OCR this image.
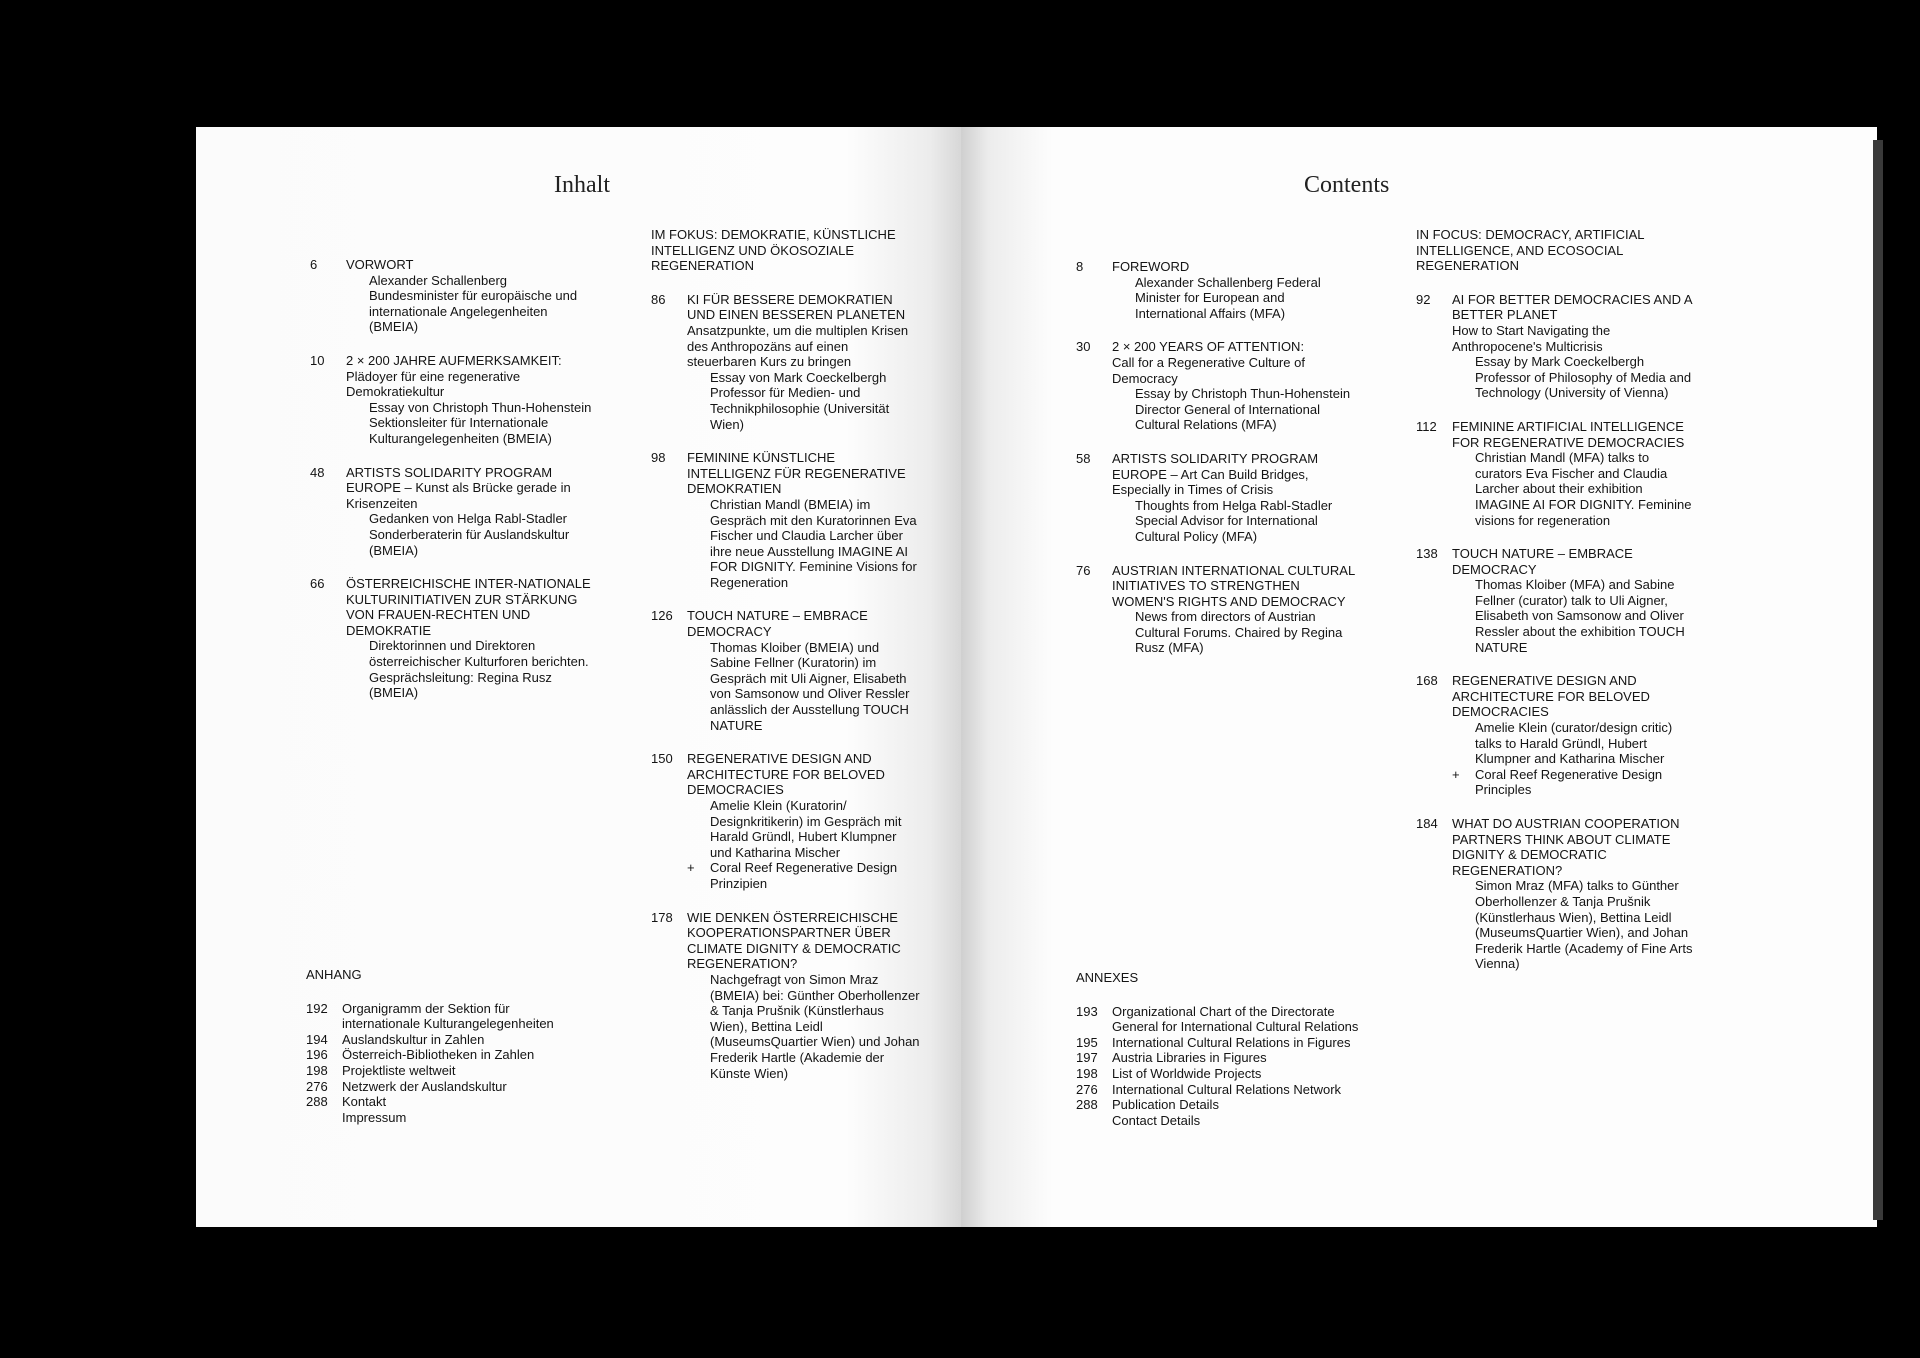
Inhalt
6	VORWORT
Alexander Schallenberg Bundesminister für europäische und internationale Angelegenheiten (BMEIA)
10	2 × 200 JAHRE AUFMERKSAMKEIT:
Plädoyer für eine regenerative Demokratiekultur
Essay von Christoph Thun-Hohenstein Sektionsleiter für Internationale Kulturangelegenheiten (BMEIA)
48	ARTISTS SOLIDARITY PROGRAM EUROPE – Kunst als Brücke gerade in Krisenzeiten
Gedanken von Helga Rabl-Stadler Sonderberaterin für Auslandskultur (BMEIA)
66	ÖSTERREICHISCHE INTER-NATIONALE KULTURINITIATIVEN ZUR STÄRKUNG VON FRAUEN-RECHTEN UND DEMOKRATIE
Direktorinnen und Direktoren österreichischer Kulturforen berichten. Gesprächsleitung: Regina Rusz (BMEIA)
IM FOKUS: DEMOKRATIE, KÜNSTLICHE INTELLIGENZ UND ÖKOSOZIALE REGENERATION
86	KI FÜR BESSERE DEMOKRATIEN UND EINEN BESSEREN PLANETEN
Ansatzpunkte, um die multiplen Krisen des Anthropozäns auf einen steuerbaren Kurs zu bringen
Essay von Mark Coeckelbergh Professor für Medien- und Technikphilosophie (Universität Wien)
98	FEMININE KÜNSTLICHE INTELLIGENZ FÜR REGENERATIVE DEMOKRATIEN
Christian Mandl (BMEIA) im Gespräch mit den Kuratorinnen Eva Fischer und Claudia Larcher über ihre neue Ausstellung IMAGINE AI FOR DIGNITY. Feminine Visions for Regeneration
126	TOUCH NATURE – EMBRACE DEMOCRACY
Thomas Kloiber (BMEIA) und Sabine Fellner (Kuratorin) im Gespräch mit Uli Aigner, Elisabeth von Samsonow und Oliver Ressler anlässlich der Ausstellung TOUCH NATURE
150	REGENERATIVE DESIGN AND ARCHITECTURE FOR BELOVED DEMOCRACIES
Amelie Klein (Kuratorin/ Designkritikerin) im Gespräch mit Harald Gründl, Hubert Klumpner und Katharina Mischer
+ Coral Reef Regenerative Design Prinzipien
178	WIE DENKEN ÖSTERREICHISCHE KOOPERATIONSPARTNER ÜBER CLIMATE DIGNITY & DEMOCRATIC REGENERATION?
Nachgefragt von Simon Mraz (BMEIA) bei: Günther Oberhollenzer & Tanja Prušnik (Künstlerhaus Wien), Bettina Leidl (MuseumsQuartier Wien) und Johan Frederik Hartle (Akademie der Künste Wien)
ANHANG
192	Organigramm der Sektion für internationale Kulturangelegenheiten
194	Auslandskultur in Zahlen
196	Österreich-Bibliotheken in Zahlen
198	Projektliste weltweit
276	Netzwerk der Auslandskultur
288	Kontakt
Impressum
Contents
8	FOREWORD
Alexander Schallenberg Federal Minister for European and International Affairs (MFA)
30	2 × 200 YEARS OF ATTENTION:
Call for a Regenerative Culture of Democracy
Essay by Christoph Thun-Hohenstein Director General of International Cultural Relations (MFA)
58	ARTISTS SOLIDARITY PROGRAM EUROPE – Art Can Build Bridges, Especially in Times of Crisis
Thoughts from Helga Rabl-Stadler Special Advisor for International Cultural Policy (MFA)
76	AUSTRIAN INTERNATIONAL CULTURAL INITIATIVES TO STRENGTHEN WOMEN'S RIGHTS AND DEMOCRACY
News from directors of Austrian Cultural Forums. Chaired by Regina Rusz (MFA)
IN FOCUS: DEMOCRACY, ARTIFICIAL INTELLIGENCE, AND ECOSOCIAL REGENERATION
92	AI FOR BETTER DEMOCRACIES AND A BETTER PLANET
How to Start Navigating the Anthropocene's Multicrisis
Essay by Mark Coeckelbergh Professor of Philosophy of Media and Technology (University of Vienna)
112	FEMININE ARTIFICIAL INTELLIGENCE FOR REGENERATIVE DEMOCRACIES
Christian Mandl (MFA) talks to curators Eva Fischer and Claudia Larcher about their exhibition IMAGINE AI FOR DIGNITY. Feminine visions for regeneration
138	TOUCH NATURE – EMBRACE DEMOCRACY
Thomas Kloiber (MFA) and Sabine Fellner (curator) talk to Uli Aigner, Elisabeth von Samsonow and Oliver Ressler about the exhibition TOUCH NATURE
168	REGENERATIVE DESIGN AND ARCHITECTURE FOR BELOVED DEMOCRACIES
Amelie Klein (curator/design critic) talks to Harald Gründl, Hubert Klumpner and Katharina Mischer
+ Coral Reef Regenerative Design Principles
184	WHAT DO AUSTRIAN COOPERATION PARTNERS THINK ABOUT CLIMATE DIGNITY & DEMOCRATIC REGENERATION?
Simon Mraz (MFA) talks to Günther Oberhollenzer & Tanja Prušnik (Künstlerhaus Wien), Bettina Leidl (MuseumsQuartier Wien), and Johan Frederik Hartle (Academy of Fine Arts Vienna)
ANNEXES
193	Organizational Chart of the Directorate General for International Cultural Relations
195	International Cultural Relations in Figures
197	Austria Libraries in Figures
198	List of Worldwide Projects
276	International Cultural Relations Network
288	Publication Details
Contact Details
